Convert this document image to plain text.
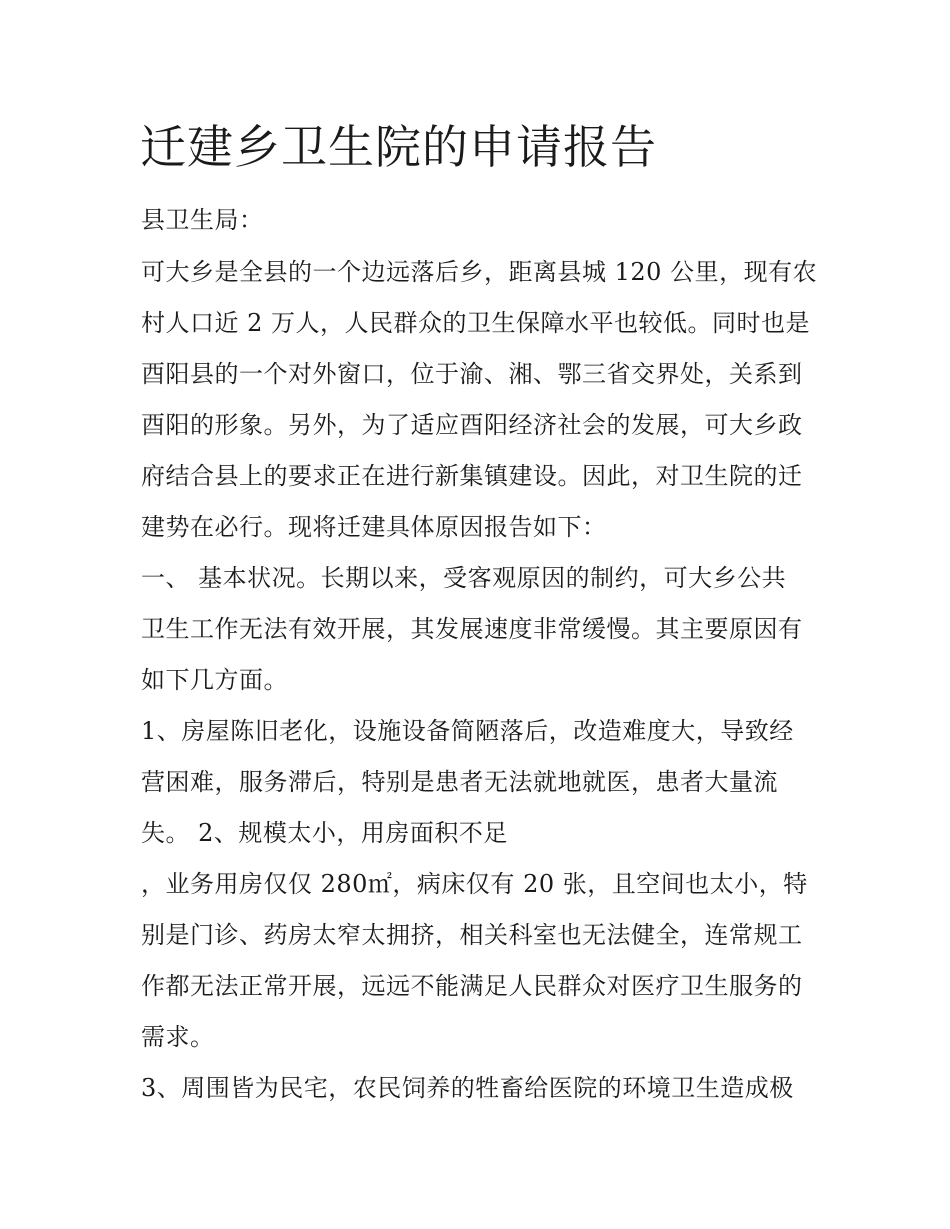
迁建乡卫生院的申请报告

县卫生局：

可大乡是全县的一个边远落后乡，距离县城 120 公里，现有农

村人口近 2 万人，人民群众的卫生保障水平也较低。同时也是

酉阳县的一个对外窗口，位于渝、湘、鄂三省交界处，关系到

酉阳的形象。另外，为了适应酉阳经济社会的发展，可大乡政

府结合县上的要求正在进行新集镇建设。因此，对卫生院的迁

建势在必行。现将迁建具体原因报告如下：

一、 基本状况。长期以来，受客观原因的制约，可大乡公共

卫生工作无法有效开展，其发展速度非常缓慢。其主要原因有

如下几方面。

1、房屋陈旧老化，设施设备简陋落后，改造难度大，导致经

营困难，服务滞后，特别是患者无法就地就医，患者大量流

失。 2、规模太小，用房面积不足

，业务用房仅仅 280㎡，病床仅有 20 张，且空间也太小，特

别是门诊、药房太窄太拥挤，相关科室也无法健全，连常规工

作都无法正常开展，远远不能满足人民群众对医疗卫生服务的

需求。

3、周围皆为民宅，农民饲养的牲畜给医院的环境卫生造成极
